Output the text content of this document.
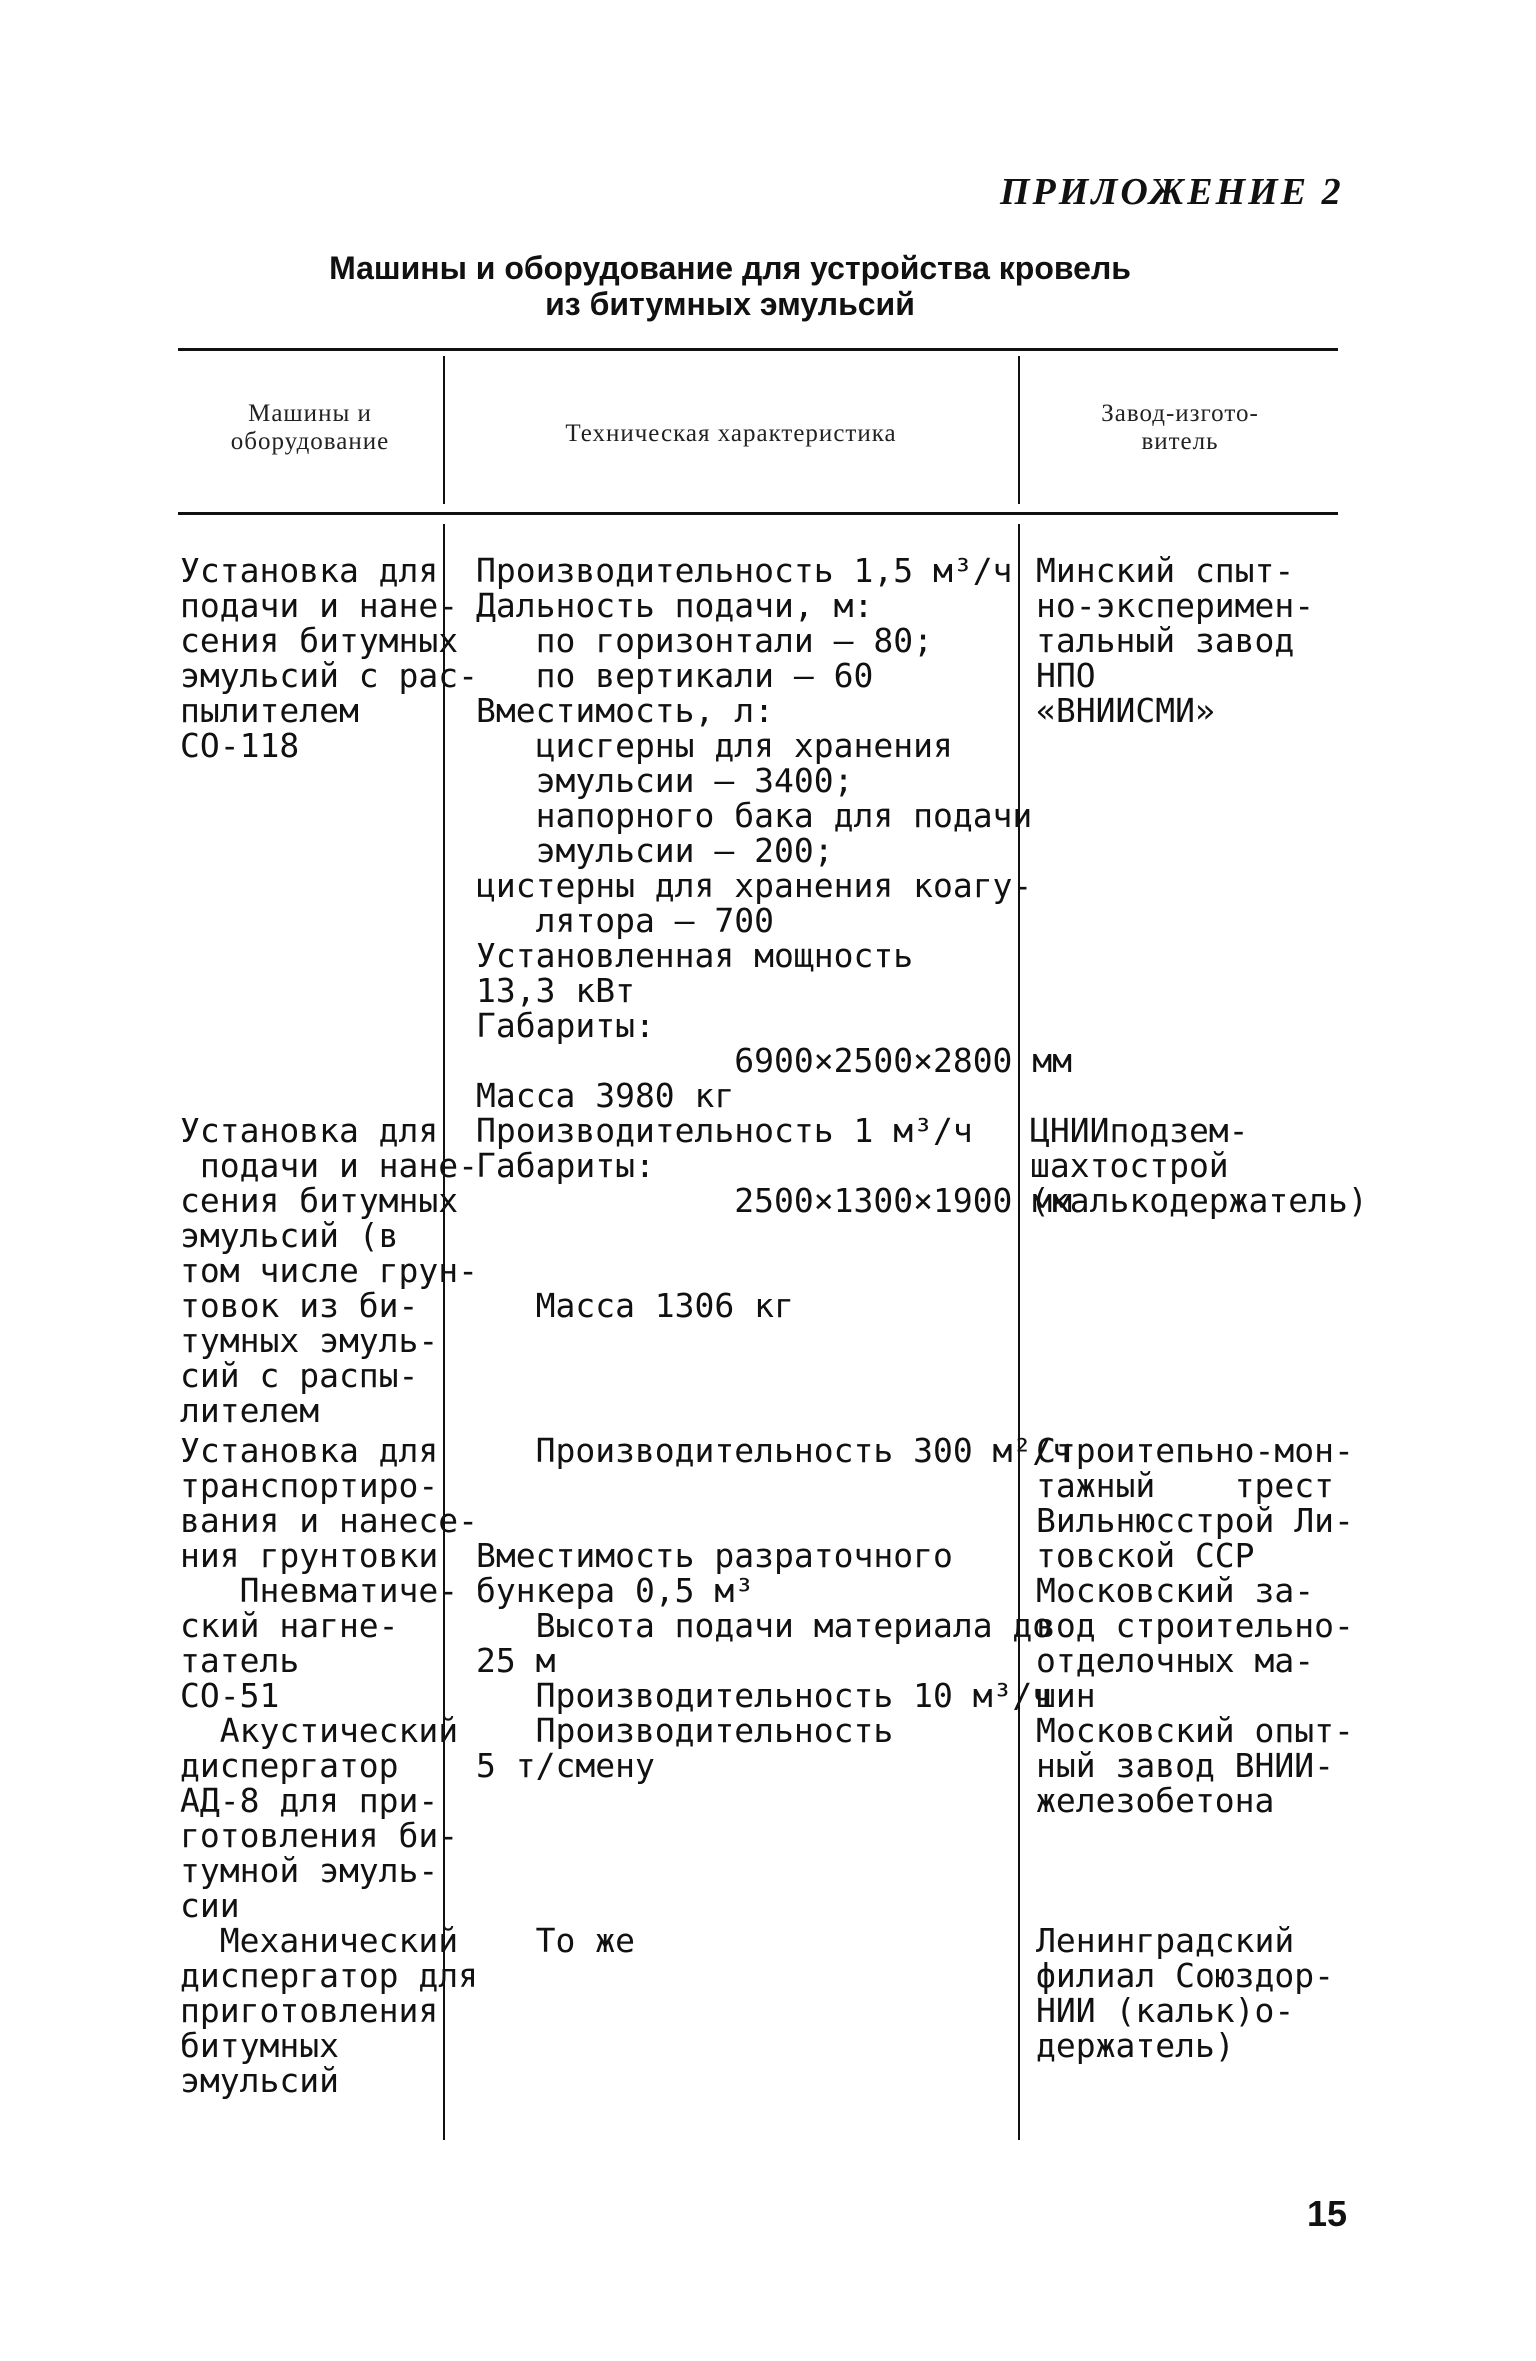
ПРИЛОЖЕНИЕ 2
Машины и оборудование для устройства кровель
из битумных эмульсий
Машины и
оборудование	Техническая характеристика
Завод-изгото-
витель
Установка для
подачи и нане-
сения битумных
эмульсий с рас-
пылителем
СО-118
Производительность 1,5 м³/ч
Дальность подачи, м:
по горизонтали — 80;
по вертикали — 60
Вместимость, л:
цисгерны для хранения
эмульсии — 3400;
напорного бака для подачи
эмульсии — 200;
цистерны для хранения коагу-
лятора — 700
Установленная мощность
13,3 кВт
Габариты:
6900×2500×2800 мм
Масса 3980 кг
Минский спыт-
но-эксперимен-
тальный завод
НПО
«ВНИИСМИ»
Установка для
подачи и нане-
сения битумных
эмульсий (в
том числе грун-
товок из би-
тумных эмуль-
сий с распы-
лителем
Производительность 1 м³/ч
Габариты:
2500×1300×1900 мм

Масса 1306 кг
ЦНИИподзем-
шахтострой
(калькодержатель)
Установка для
транспортиро-
вания и нанесе-
ния грунтовки
Производительность 300 м²/ч

Вместимость разраточного
Строитепьно-мон-
тажный    трест
Вильнюсстрой Ли-
товской ССР
Пневматиче-
ский нагне-
татель
СО-51
бункера 0,5 м³
Высота подачи материала до
25 м
Производительность 10 м³/ч
Московский за-
вод строительно-
отделочных ма-
шин
Акустический
диспергатор
АД-8 для при-
готовления би-
тумной эмуль-
сии
Производительность
5 т/смену
Московский опыт-
ный завод ВНИИ-
железобетона
Механический
диспергатор для
приготовления
битумных
эмульсий
То же	Ленинградский
филиал Союздор-
НИИ (кальк)о-
держатель)
15
